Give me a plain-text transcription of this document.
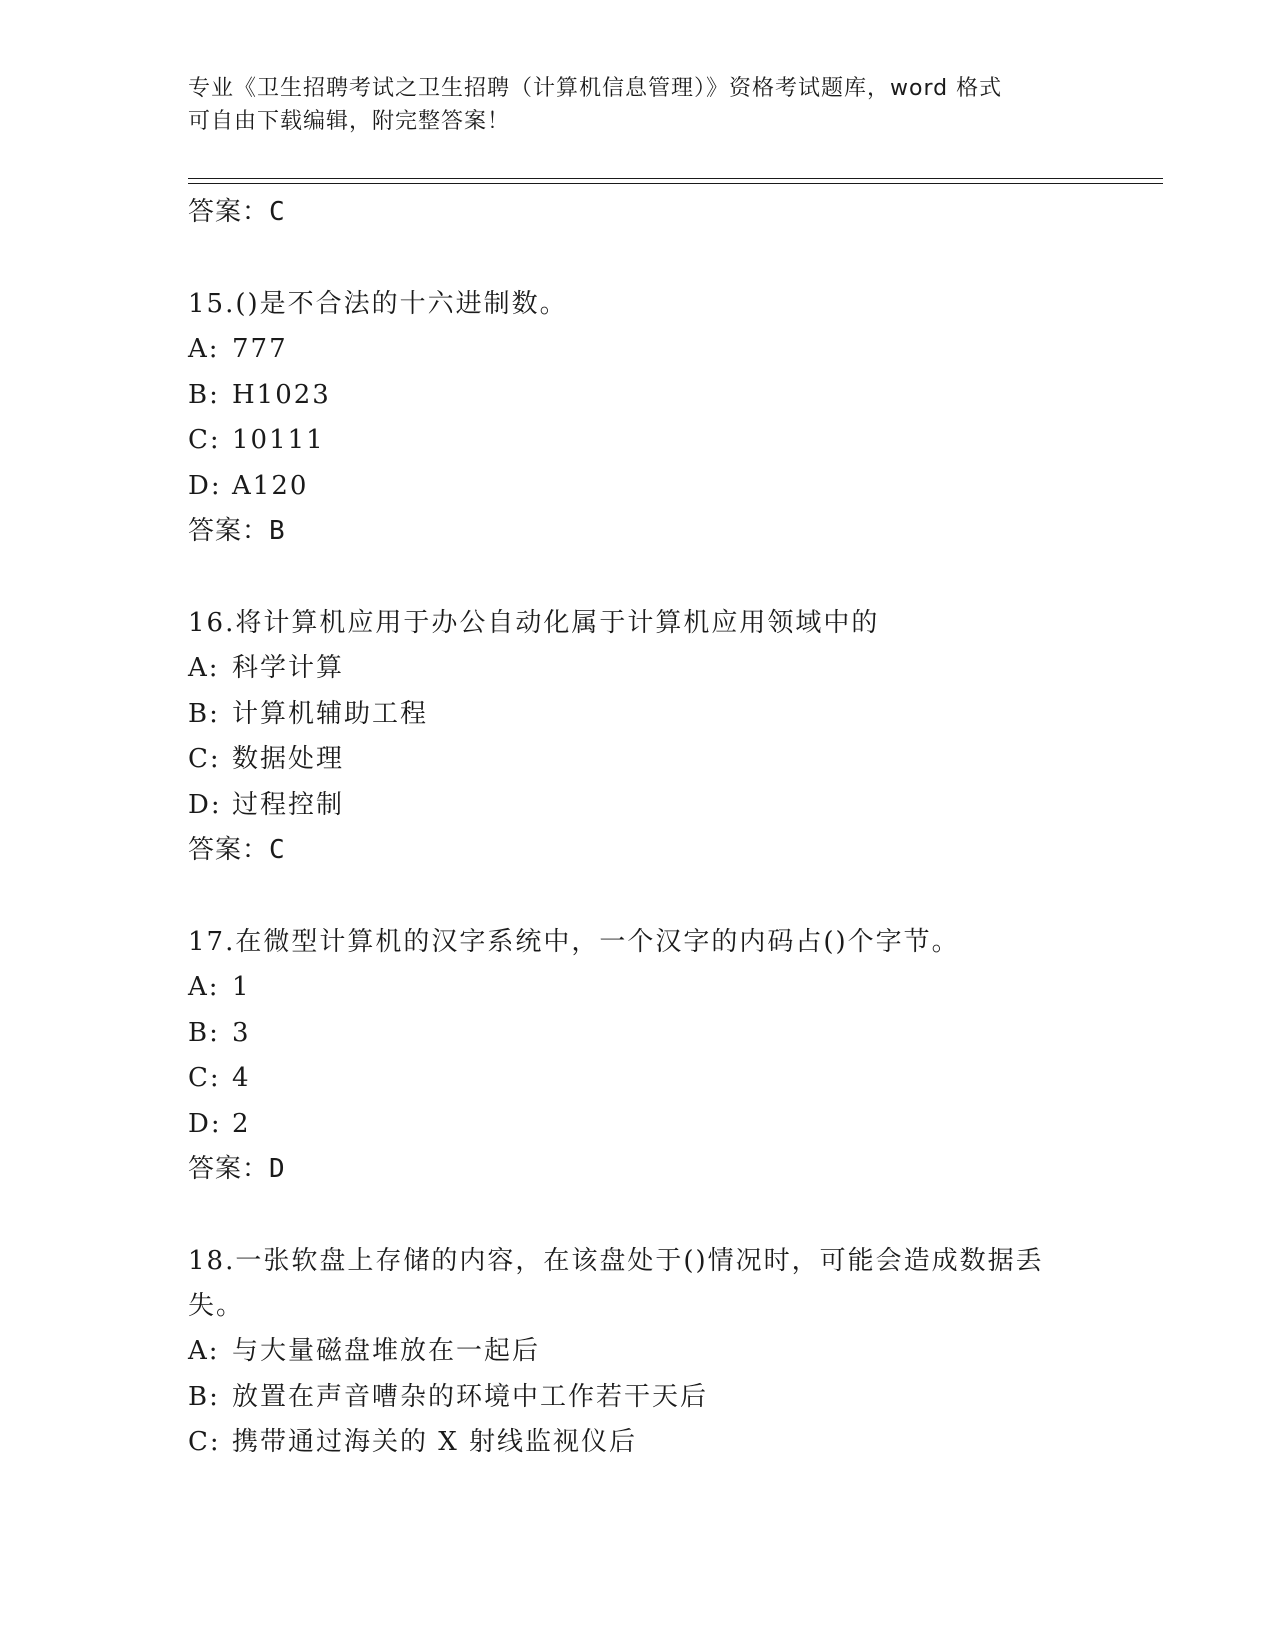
专业《卫生招聘考试之卫生招聘（计算机信息管理）》资格考试题库，word 格式
可自由下载编辑，附完整答案！
答案：C
15.()是不合法的十六进制数。
A: 777
B: H1023
C: 10111
D: A120
答案：B
16.将计算机应用于办公自动化属于计算机应用领域中的
A: 科学计算
B: 计算机辅助工程
C: 数据处理
D: 过程控制
答案：C
17.在微型计算机的汉字系统中，一个汉字的内码占()个字节。
A: 1
B: 3
C: 4
D: 2
答案：D
18.一张软盘上存储的内容，在该盘处于()情况时，可能会造成数据丢失。
A: 与大量磁盘堆放在一起后
B: 放置在声音嘈杂的环境中工作若干天后
C: 携带通过海关的 X 射线监视仪后
